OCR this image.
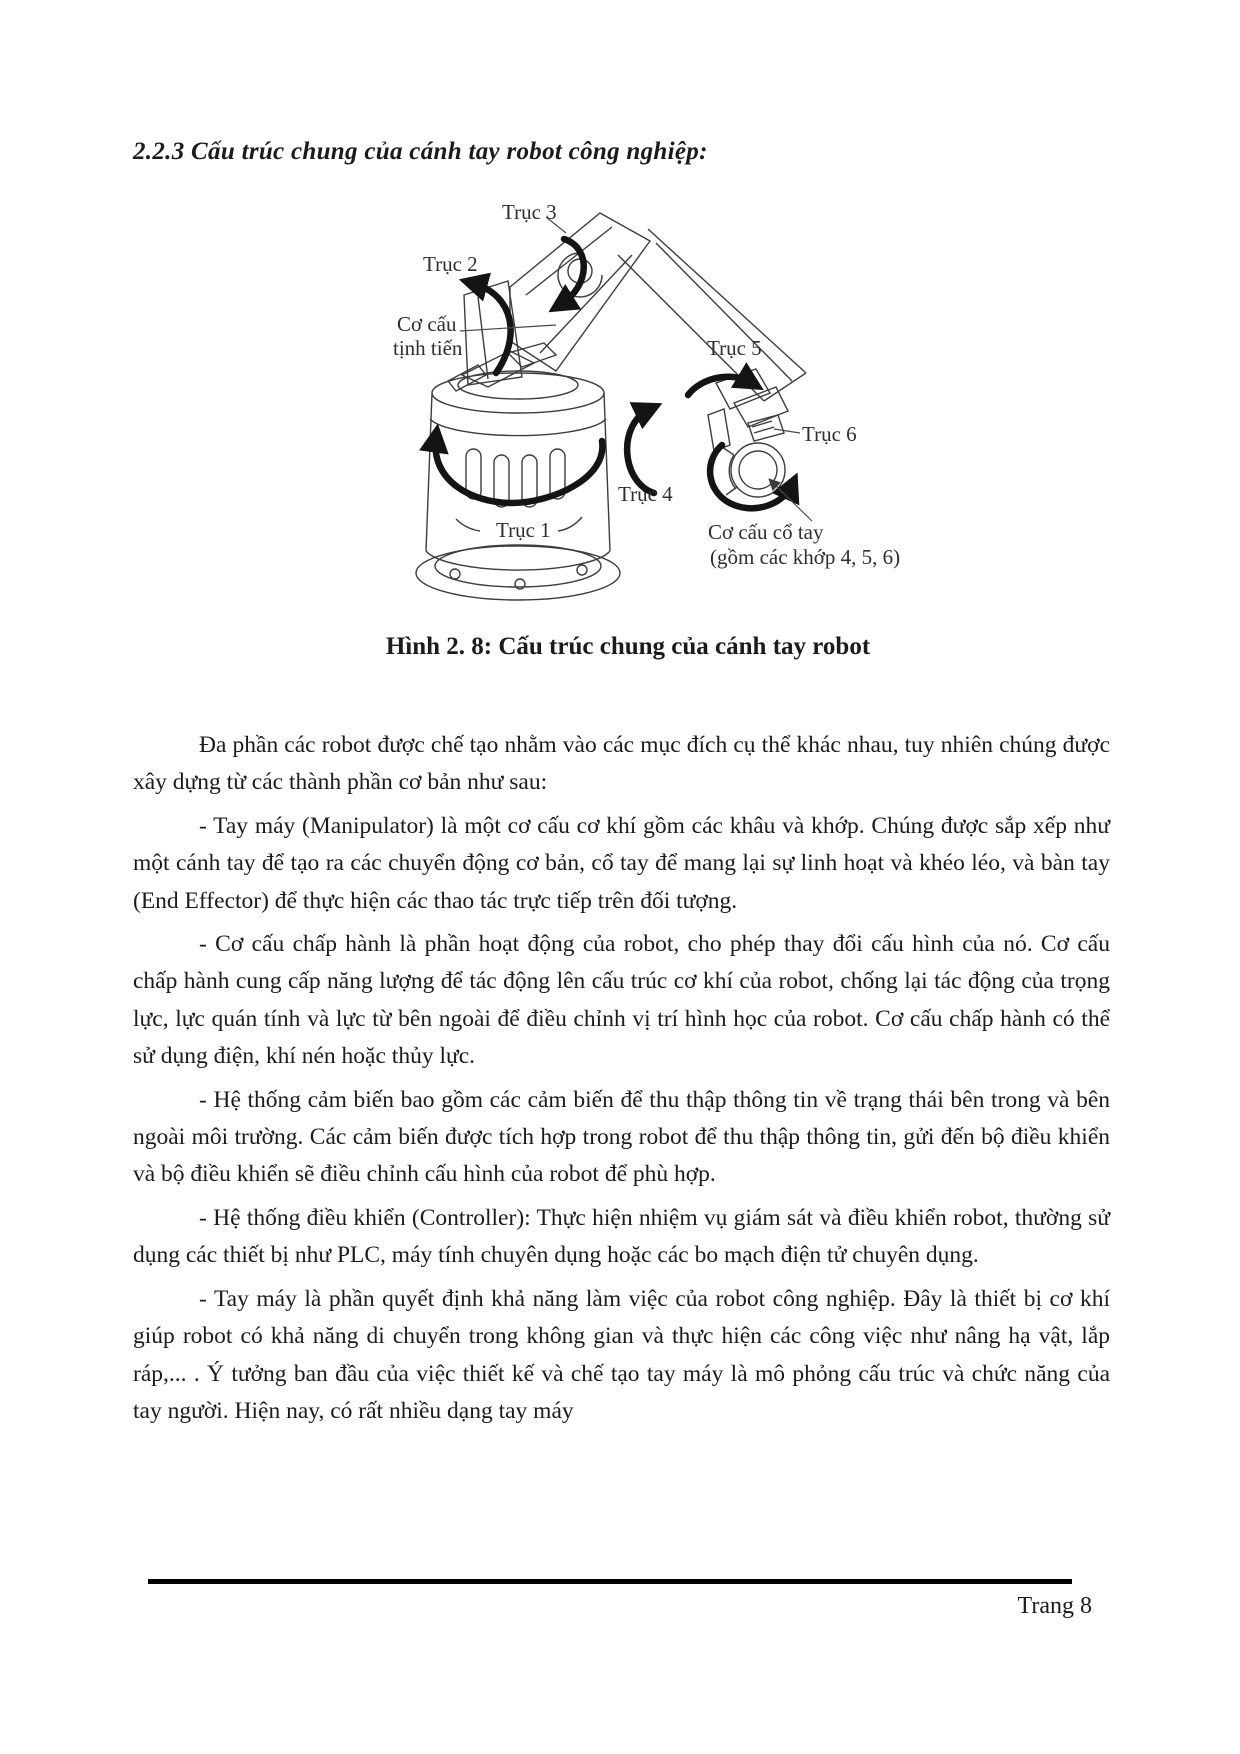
2.2.3 Cấu trúc chung của cánh tay robot công nghiệp:
Trục 3
Trục 2
Cơ cấu
tịnh tiến	Trục 5
Trục 6
Trục 4
Trục 1	Cơ cấu cổ tay
(gồm các khớp 4, 5, 6)
Hình 2. 8: Cấu trúc chung của cánh tay robot

Đa phần các robot được chế tạo nhằm vào các mục đích cụ thể khác nhau, tuy nhiên chúng được xây dựng từ các thành phần cơ bản như sau:

- Tay máy (Manipulator) là một cơ cấu cơ khí gồm các khâu và khớp. Chúng được sắp xếp như một cánh tay để tạo ra các chuyển động cơ bản, cổ tay để mang lại sự linh hoạt và khéo léo, và bàn tay (End Effector) để thực hiện các thao tác trực tiếp trên đối tượng.

- Cơ cấu chấp hành là phần hoạt động của robot, cho phép thay đổi cấu hình của nó. Cơ cấu chấp hành cung cấp năng lượng để tác động lên cấu trúc cơ khí của robot, chống lại tác động của trọng lực, lực quán tính và lực từ bên ngoài để điều chỉnh vị trí hình học của robot. Cơ cấu chấp hành có thể sử dụng điện, khí nén hoặc thủy lực.

- Hệ thống cảm biến bao gồm các cảm biến để thu thập thông tin về trạng thái bên trong và bên ngoài môi trường. Các cảm biến được tích hợp trong robot để thu thập thông tin, gửi đến bộ điều khiển và bộ điều khiển sẽ điều chỉnh cấu hình của robot để phù hợp.

- Hệ thống điều khiển (Controller): Thực hiện nhiệm vụ giám sát và điều khiển robot, thường sử dụng các thiết bị như PLC, máy tính chuyên dụng hoặc các bo mạch điện tử chuyên dụng.

- Tay máy là phần quyết định khả năng làm việc của robot công nghiệp. Đây là thiết bị cơ khí giúp robot có khả năng di chuyển trong không gian và thực hiện các công việc như nâng hạ vật, lắp ráp,... . Ý tưởng ban đầu của việc thiết kế và chế tạo tay máy là mô phỏng cấu trúc và chức năng của tay người. Hiện nay, có rất nhiều dạng tay máy

Trang 8
